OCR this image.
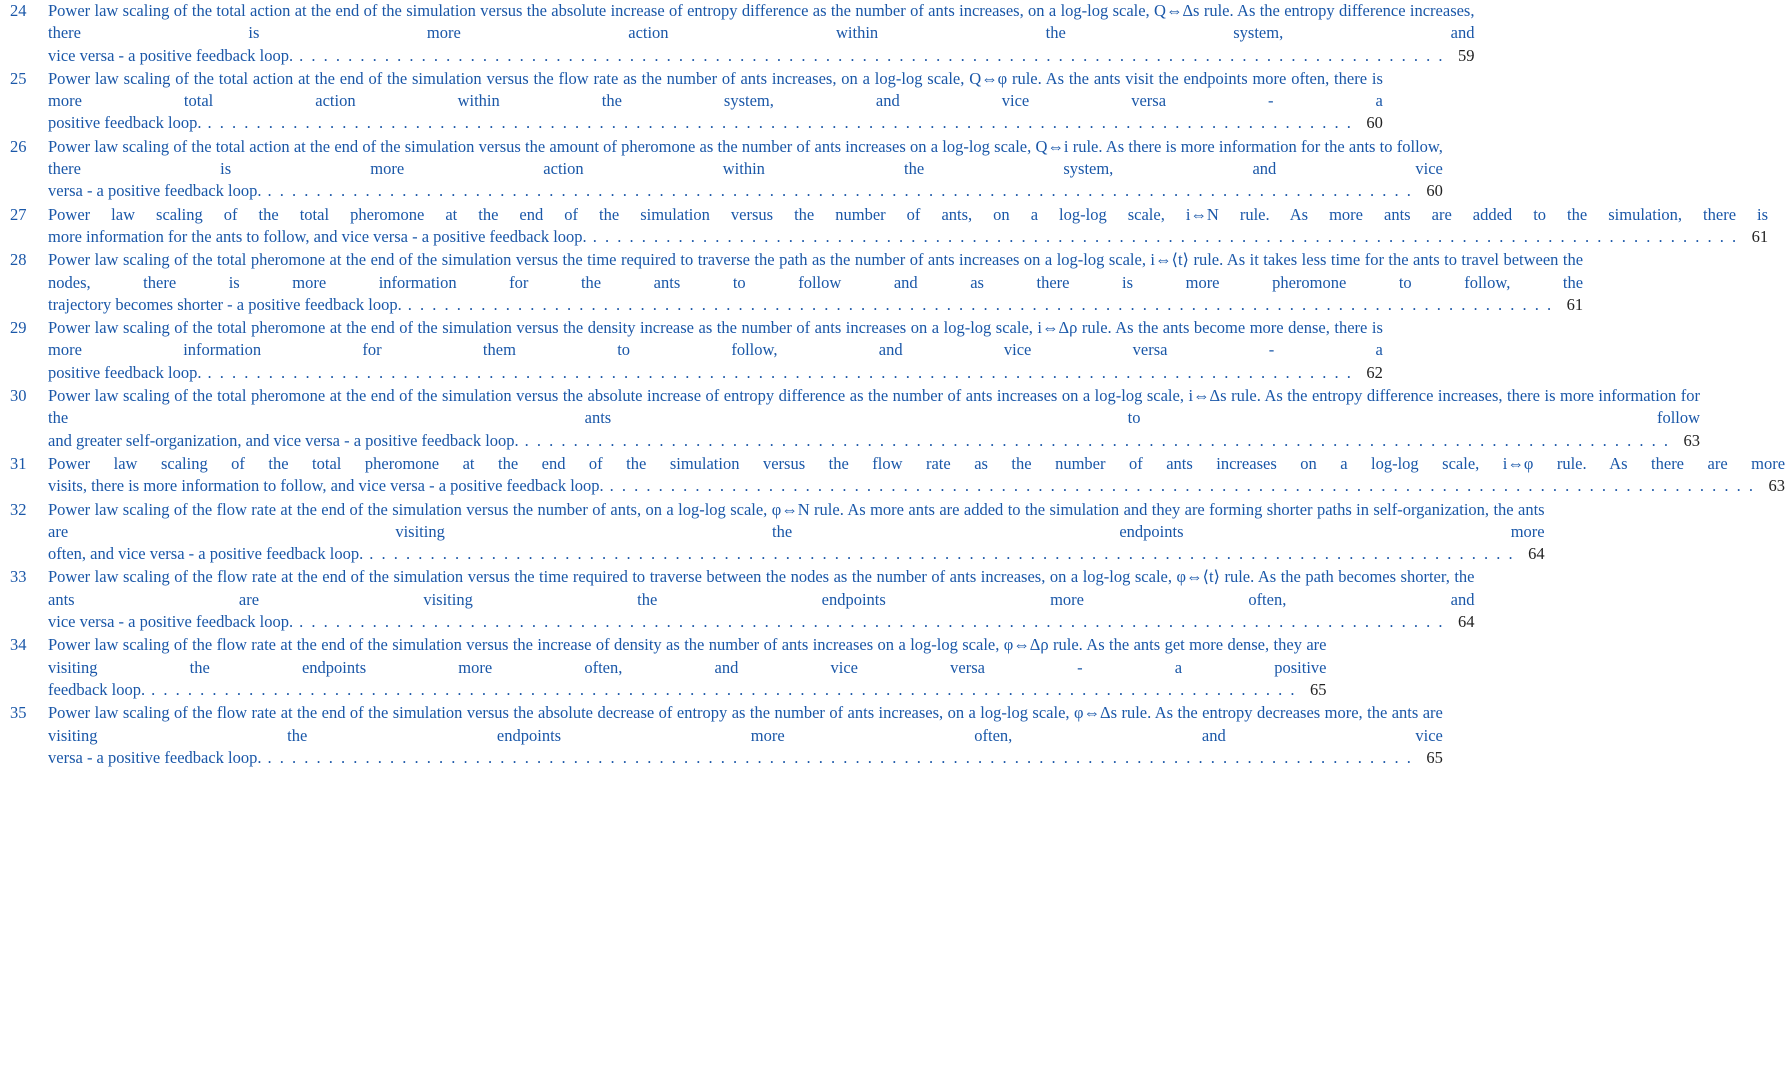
24	Power law scaling of the total action at the end of the simulation versus the absolute increase of entropy difference as the number of ants increases, on a log-log scale, Q⇔Δs rule. As the entropy difference increases, there is more action within the system, and
vice versa - a positive feedback loop. . . .	59
25	Power law scaling of the total action at the end of the simulation versus the flow rate as the number of ants increases, on a log-log scale, Q⇔φ rule. As the ants visit the endpoints more often, there is more total action within the system, and vice versa - a
positive feedback loop. . . .	60
26	Power law scaling of the total action at the end of the simulation versus the amount of pheromone as the number of ants increases on a log-log scale, Q⇔i rule. As there is more information for the ants to follow, there is more action within the system, and vice
versa - a positive feedback loop. . . .	60
27	Power law scaling of the total pheromone at the end of the simulation versus the number of ants, on a log-log scale, i⇔N rule. As more ants are added to the simulation, there is
more information for the ants to follow, and vice versa - a positive feedback loop. . . .	61
28	Power law scaling of the total pheromone at the end of the simulation versus the time required to traverse the path as the number of ants increases on a log-log scale, i⇔⟨t⟩ rule. As it takes less time for the ants to travel between the nodes, there is more information for the ants to follow and as there is more pheromone to follow, the
trajectory becomes shorter - a positive feedback loop. . . .	61
29	Power law scaling of the total pheromone at the end of the simulation versus the density increase as the number of ants increases on a log-log scale, i⇔Δρ rule. As the ants become more dense, there is more information for them to follow, and vice versa - a
positive feedback loop. . . .	62
30	Power law scaling of the total pheromone at the end of the simulation versus the absolute increase of entropy difference as the number of ants increases on a log-log scale, i⇔Δs rule. As the entropy difference increases, there is more information for the ants to follow
and greater self-organization, and vice versa - a positive feedback loop. . . .	63
31	Power law scaling of the total pheromone at the end of the simulation versus the flow rate as the number of ants increases on a log-log scale, i⇔φ rule. As there are more
visits, there is more information to follow, and vice versa - a positive feedback loop. . . .	63
32	Power law scaling of the flow rate at the end of the simulation versus the number of ants, on a log-log scale, φ⇔N rule. As more ants are added to the simulation and they are forming shorter paths in self-organization, the ants are visiting the endpoints more
often, and vice versa - a positive feedback loop. . . .	64
33	Power law scaling of the flow rate at the end of the simulation versus the time required to traverse between the nodes as the number of ants increases, on a log-log scale, φ⇔⟨t⟩ rule. As the path becomes shorter, the ants are visiting the endpoints more often, and
vice versa - a positive feedback loop. . . .	64
34	Power law scaling of the flow rate at the end of the simulation versus the increase of density as the number of ants increases on a log-log scale, φ⇔Δρ rule. As the ants get more dense, they are visiting the endpoints more often, and vice versa - a positive
feedback loop. . . .	65
35	Power law scaling of the flow rate at the end of the simulation versus the absolute decrease of entropy as the number of ants increases, on a log-log scale, φ⇔Δs rule. As the entropy decreases more, the ants are visiting the endpoints more often, and vice
versa - a positive feedback loop. . . .	65
